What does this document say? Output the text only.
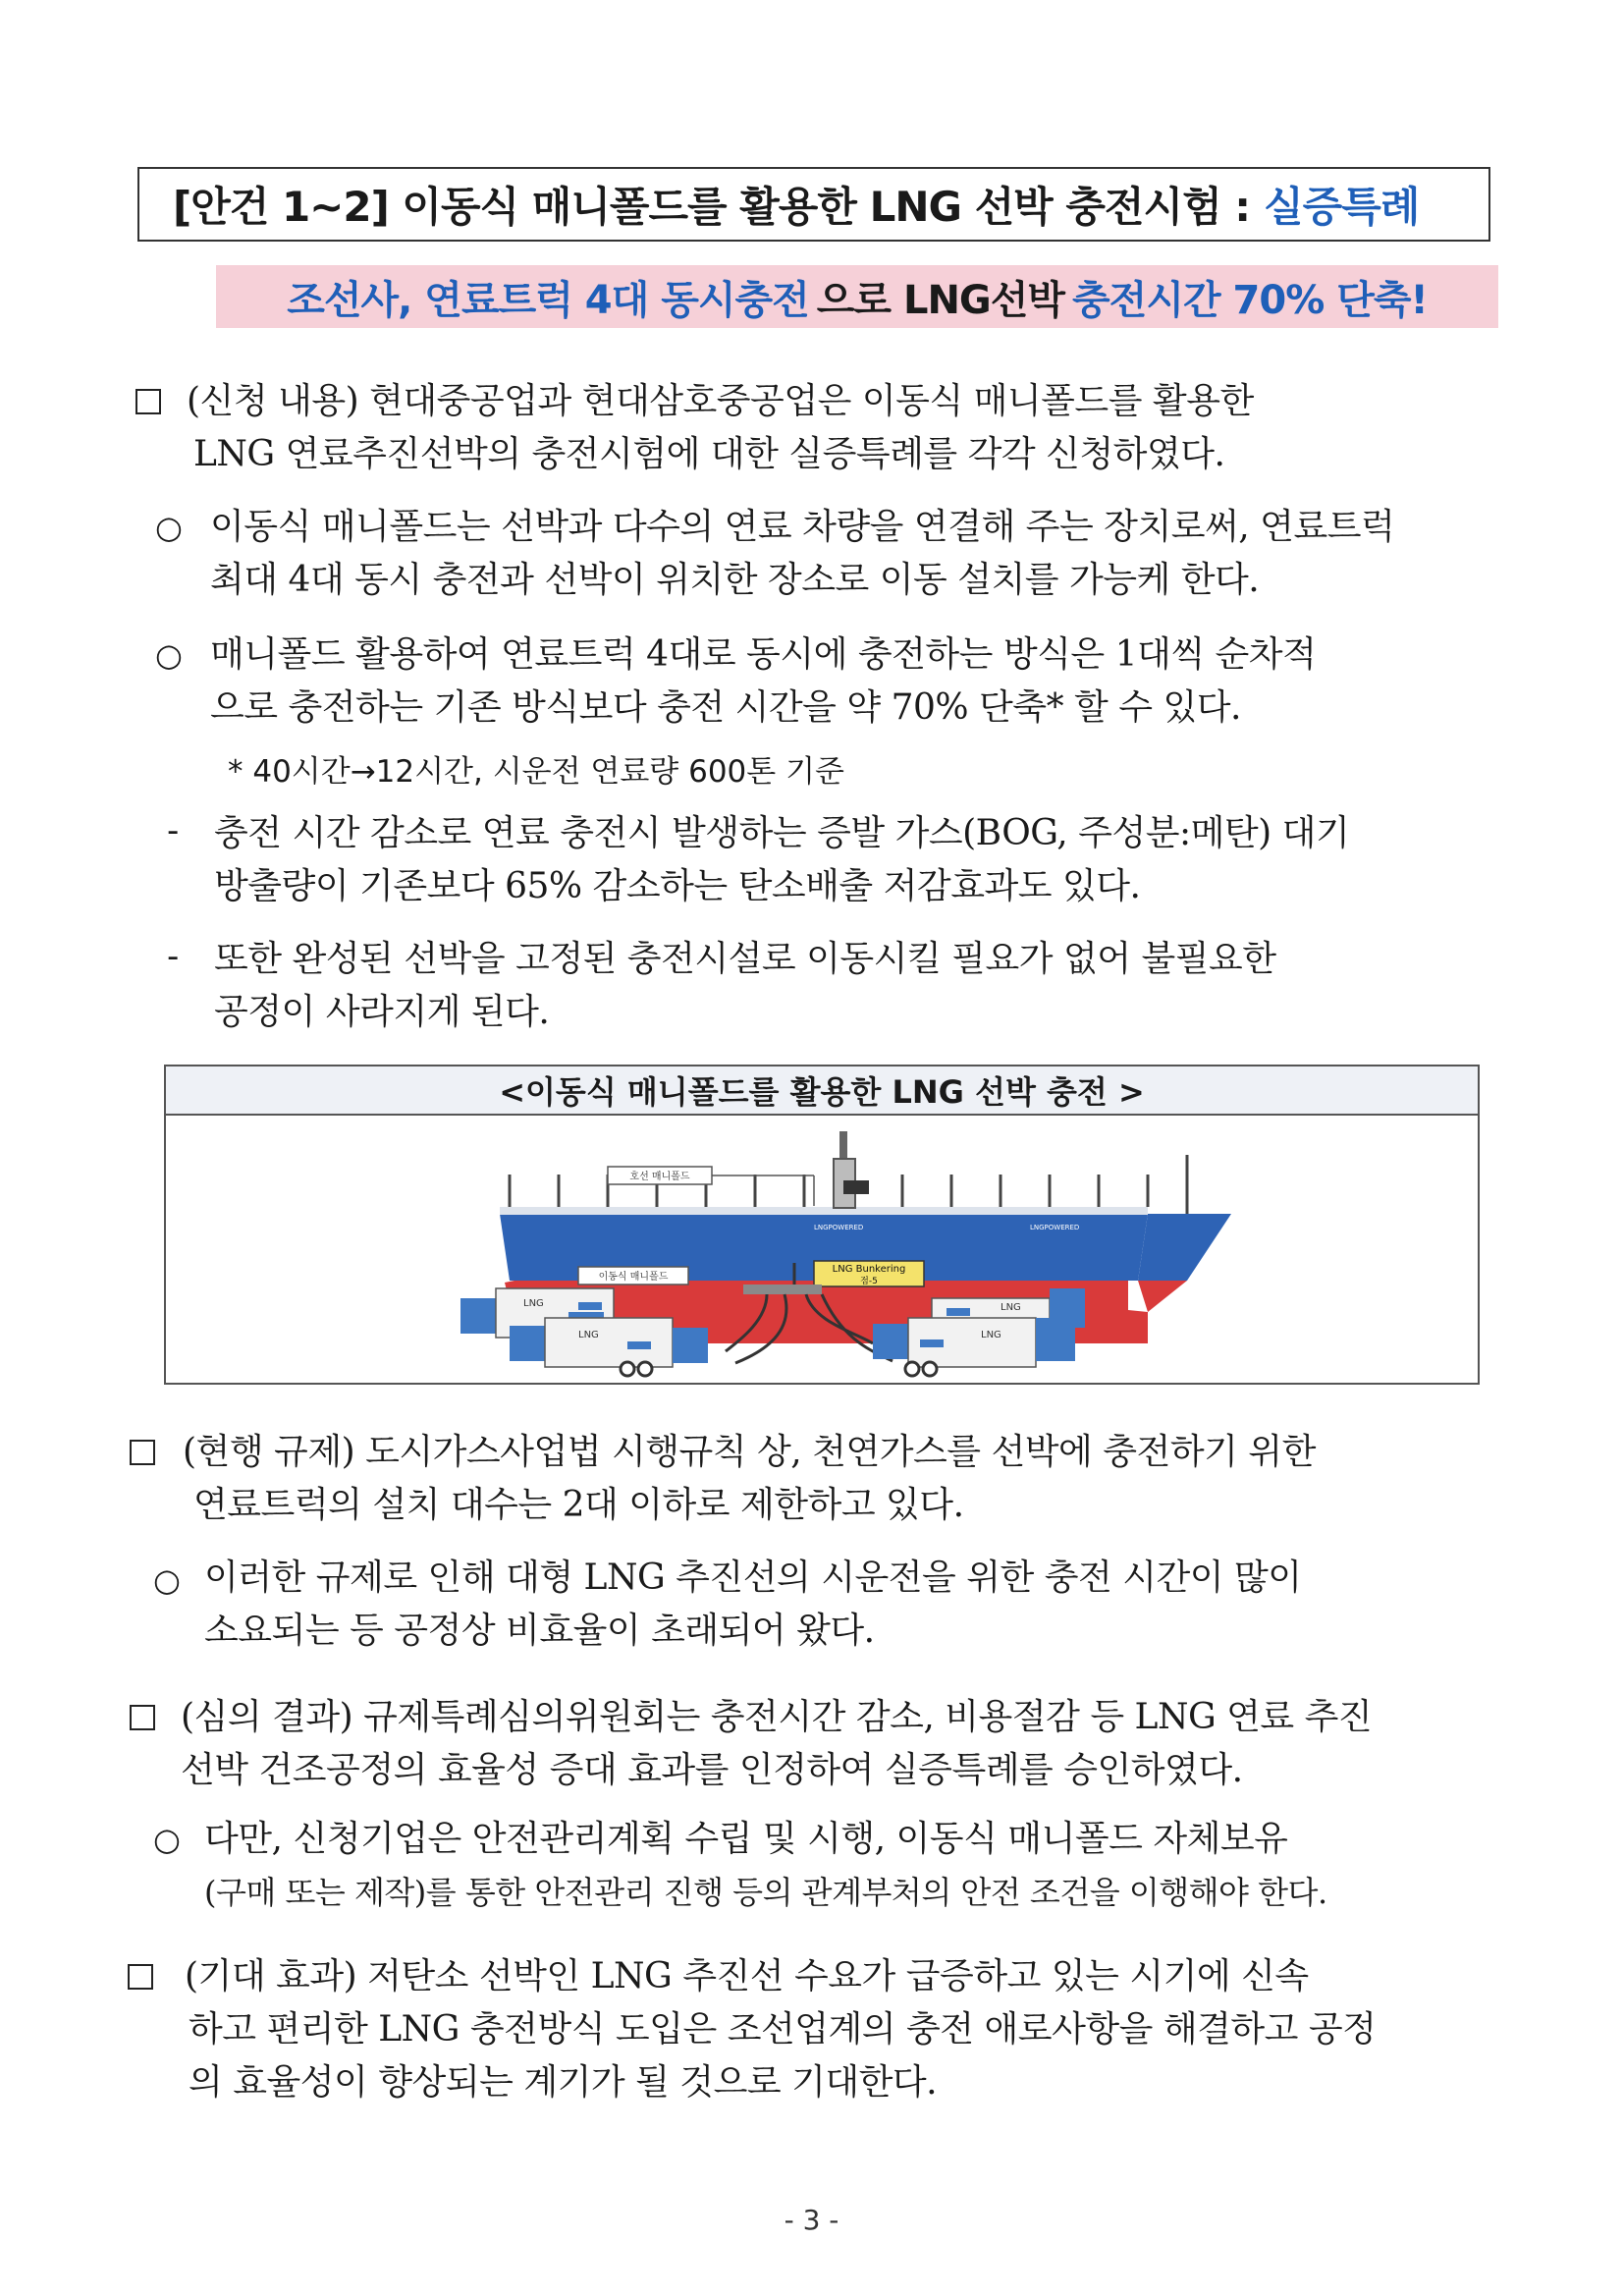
[안건 1~2] 이동식 매니폴드를 활용한 LNG 선박 충전시험 : 실증특례
조선사, 연료트럭 4대 동시충전 으로 LNG선박 충전시간 70% 단축!
(신청 내용) 현대중공업과 현대삼호중공업은 이동식 매니폴드를 활용한
LNG 연료추진선박의 충전시험에 대한 실증특례를 각각 신청하였다.
○ 이동식 매니폴드는 선박과 다수의 연료 차량을 연결해 주는 장치로써, 연료트럭
최대 4대 동시 충전과 선박이 위치한 장소로 이동 설치를 가능케 한다.
○ 매니폴드 활용하여 연료트럭 4대로 동시에 충전하는 방식은 1대씩 순차적
으로 충전하는 기존 방식보다 충전 시간을 약 70% 단축* 할 수 있다.
* 40시간→12시간, 시운전 연료량 600톤 기준
- 충전 시간 감소로 연료 충전시 발생하는 증발 가스(BOG, 주성분:메탄) 대기
방출량이 기존보다 65% 감소하는 탄소배출 저감효과도 있다.
- 또한 완성된 선박을 고정된 충전시설로 이동시킬 필요가 없어 불필요한
공정이 사라지게 된다.
<이동식 매니폴드를 활용한 LNG 선박 충전 >
LNGPOWERED	LNGPOWERED
호선 매니폴드
LNG Bunkering
점-5
이동식 매니폴드
LNG
LNG
LNG
LNG
(현행 규제) 도시가스사업법 시행규칙 상, 천연가스를 선박에 충전하기 위한
연료트럭의 설치 대수는 2대 이하로 제한하고 있다.
○ 이러한 규제로 인해 대형 LNG 추진선의 시운전을 위한 충전 시간이 많이
소요되는 등 공정상 비효율이 초래되어 왔다.
(심의 결과) 규제특례심의위원회는 충전시간 감소, 비용절감 등 LNG 연료 추진
선박 건조공정의 효율성 증대 효과를 인정하여 실증특례를 승인하였다.
○ 다만, 신청기업은 안전관리계획 수립 및 시행, 이동식 매니폴드 자체보유
(구매 또는 제작)를 통한 안전관리 진행 등의 관계부처의 안전 조건을 이행해야 한다.
(기대 효과) 저탄소 선박인 LNG 추진선 수요가 급증하고 있는 시기에 신속
하고 편리한 LNG 충전방식 도입은 조선업계의 충전 애로사항을 해결하고 공정
의 효율성이 향상되는 계기가 될 것으로 기대한다.
- 3 -
